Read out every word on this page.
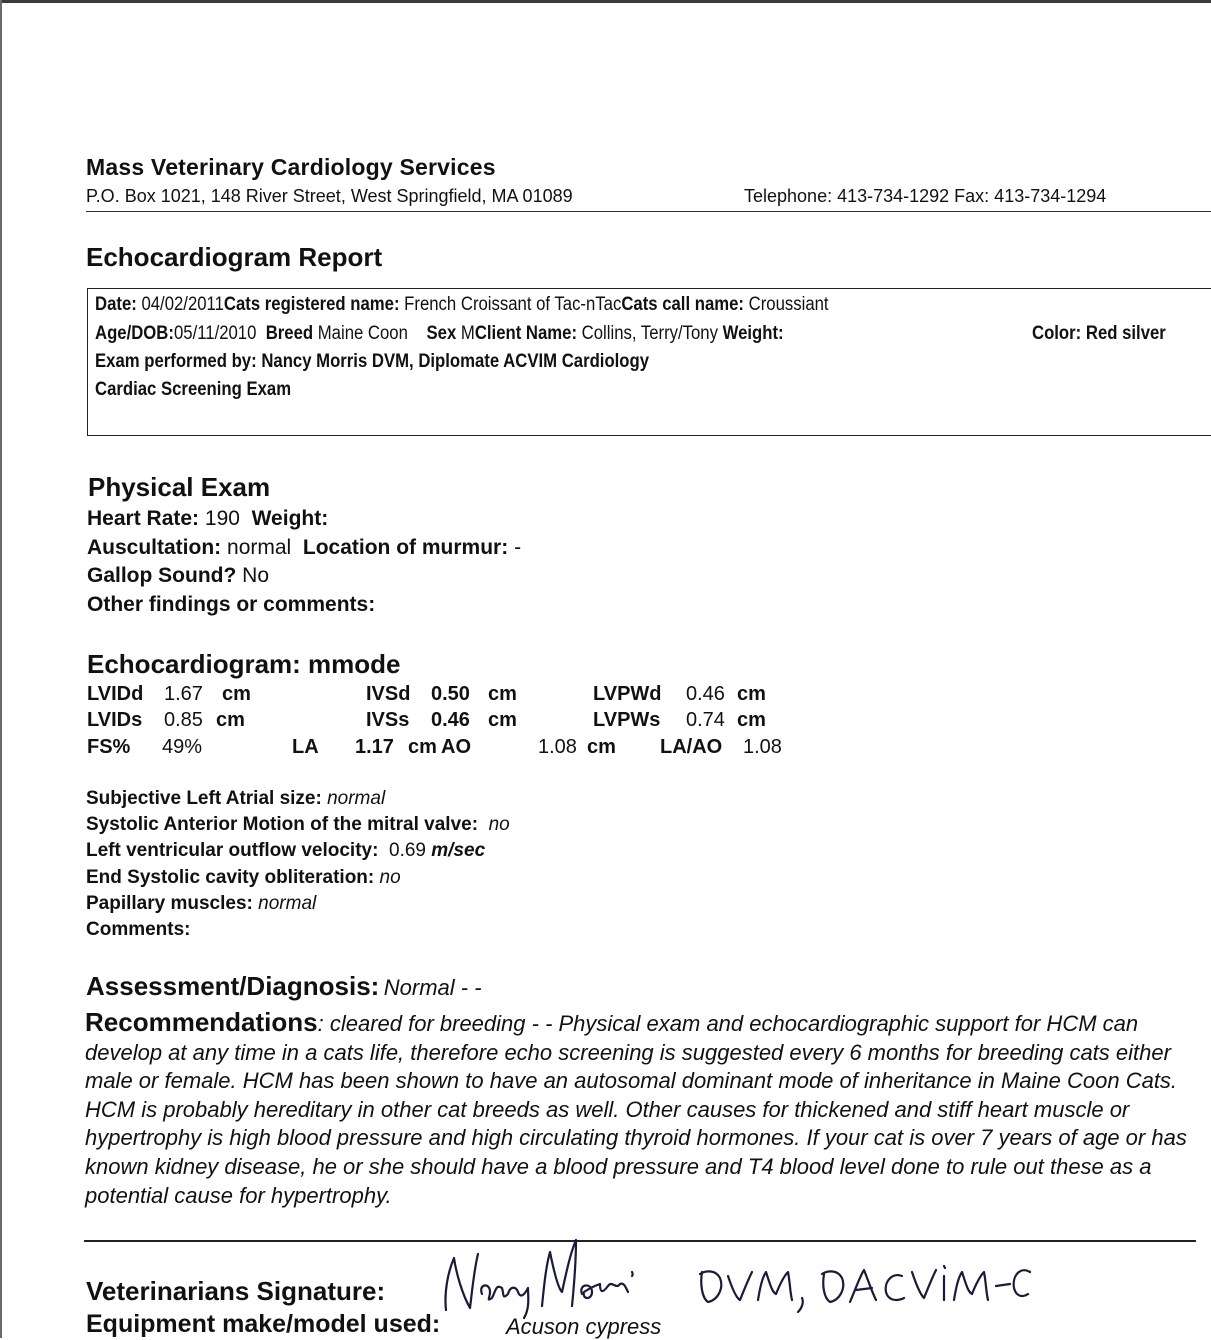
Mass Veterinary Cardiology Services
P.O. Box 1021, 148 River Street, West Springfield, MA 01089	Telephone: 413-734-1292 Fax: 413-734-1294
Echocardiogram Report
Date: 04/02/2011Cats registered name: French Croissant of Tac-nTacCats call name: Croussiant
Age/DOB:05/11/2010 Breed Maine Coon Sex MClient Name: Collins, Terry/Tony Weight:	Color: Red silver
Exam performed by: Nancy Morris DVM, Diplomate ACVIM Cardiology
Cardiac Screening Exam
Physical Exam
Heart Rate: 190 Weight:
Auscultation: normal Location of murmur: -
Gallop Sound? No
Other findings or comments:
Echocardiogram: mmode
LVIDd 1.67 cm	IVSd 0.50 cm	LVPWd 0.46 cm
LVIDs 0.85 cm	IVSs 0.46 cm	LVPWs 0.74 cm
FS% 49%	LA 1.17 cm AO	1.08 cm LA/AO 1.08
Subjective Left Atrial size: normal
Systolic Anterior Motion of the mitral valve: no
Left ventricular outflow velocity: 0.69 m/sec
End Systolic cavity obliteration: no
Papillary muscles: normal
Comments:
Assessment/Diagnosis: Normal - -
Recommendations: cleared for breeding - - Physical exam and echocardiographic support for HCM can develop at any time in a cats life, therefore echo screening is suggested every 6 months for breeding cats either male or female. HCM has been shown to have an autosomal dominant mode of inheritance in Maine Coon Cats. HCM is probably hereditary in other cat breeds as well. Other causes for thickened and stiff heart muscle or hypertrophy is high blood pressure and high circulating thyroid hormones. If your cat is over 7 years of age or has known kidney disease, he or she should have a blood pressure and T4 blood level done to rule out these as a potential cause for hypertrophy.
Veterinarians Signature:
Equipment make/model used:	Acuson cypress
